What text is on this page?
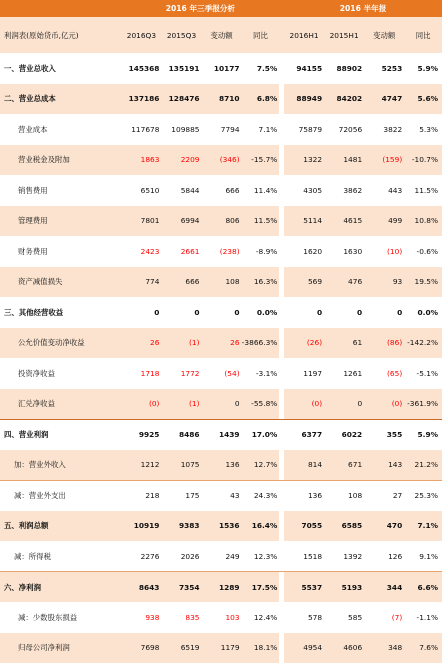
	2016 年三季报分析					2016 半年报			
利润表(原始货币,亿元)	2016Q3	2015Q3	变动额	同比		2016H1	2015H1	变动额	同比
一、营业总收入	145368	135191	10177	7.5%		94155	88902	5253	5.9%
二、营业总成本	137186	128476	8710	6.8%		88949	84202	4747	5.6%
营业成本	117678	109885	7794	7.1%		75879	72056	3822	5.3%
营业税金及附加	1863	2209	(346)	-15.7%		1322	1481	(159)	-10.7%
销售费用	6510	5844	666	11.4%		4305	3862	443	11.5%
管理费用	7801	6994	806	11.5%		5114	4615	499	10.8%
财务费用	2423	2661	(238)	-8.9%		1620	1630	(10)	-0.6%
资产减值损失	774	666	108	16.3%		569	476	93	19.5%
三、其他经营收益	0	0	0	0.0%		0	0	0	0.0%
公允价值变动净收益	26	(1)	26	-3866.3%		(26)	61	(86)	-142.2%
投资净收益	1718	1772	(54)	-3.1%		1197	1261	(65)	-5.1%
汇兑净收益	(0)	(1)	0	-55.8%		(0)	0	(0)	-361.9%
四、营业利润	9925	8486	1439	17.0%		6377	6022	355	5.9%
加：营业外收入	1212	1075	136	12.7%		814	671	143	21.2%
减：营业外支出	218	175	43	24.3%		136	108	27	25.3%
五、利润总额	10919	9383	1536	16.4%		7055	6585	470	7.1%
减：所得税	2276	2026	249	12.3%		1518	1392	126	9.1%
六、净利润	8643	7354	1289	17.5%		5537	5193	344	6.6%
减：少数股东损益	938	835	103	12.4%		578	585	(7)	-1.1%
归母公司净利润	7698	6519	1179	18.1%		4954	4606	348	7.6%
